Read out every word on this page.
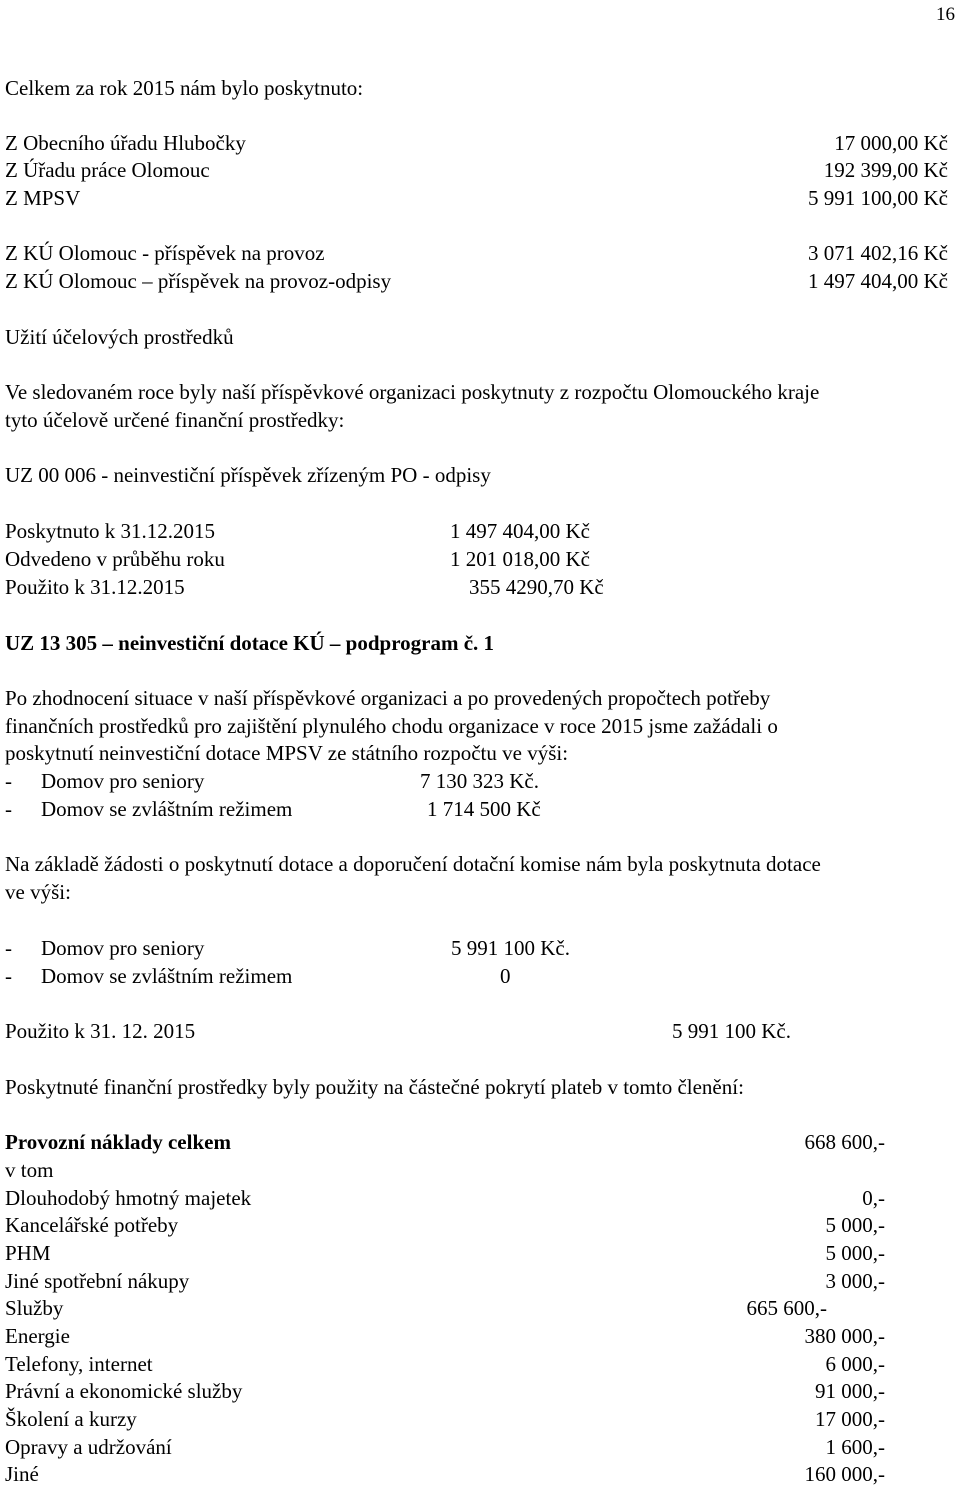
16
Celkem za rok 2015 nám bylo poskytnuto:
Z Obecního úřadu Hlubočky	17 000,00 Kč
Z Úřadu práce Olomouc	192 399,00 Kč
Z MPSV	5 991 100,00 Kč
Z KÚ Olomouc - příspěvek na provoz	3 071 402,16 Kč
Z KÚ Olomouc – příspěvek na provoz-odpisy	1 497 404,00 Kč
Užití účelových prostředků
Ve sledovaném roce byly naší příspěvkové organizaci poskytnuty z rozpočtu Olomouckého kraje
tyto účelově určené finanční prostředky:
UZ 00 006 - neinvestiční příspěvek zřízeným PO - odpisy
Poskytnuto k 31.12.2015	1 497 404,00 Kč
Odvedeno v průběhu roku	1 201 018,00 Kč
Použito k 31.12.2015	355 4290,70 Kč
UZ 13 305 – neinvestiční dotace KÚ – podprogram č. 1
Po zhodnocení situace v naší příspěvkové organizaci a po provedených propočtech potřeby
finančních prostředků pro zajištění plynulého chodu organizace v roce 2015 jsme zažádali o
poskytnutí neinvestiční dotace MPSV ze státního rozpočtu ve výši:
- Domov pro seniory	7 130 323 Kč.
- Domov se zvláštním režimem	1 714 500 Kč
Na základě žádosti o poskytnutí dotace a doporučení dotační komise nám byla poskytnuta dotace
ve výši:
- Domov pro seniory	5 991 100 Kč.
- Domov se zvláštním režimem	0
Použito k 31. 12. 2015	5 991 100 Kč.
Poskytnuté finanční prostředky byly použity na částečné pokrytí plateb v tomto členění:
Provozní náklady celkem	668 600,-
v tom
Dlouhodobý hmotný majetek	0,-
Kancelářské potřeby	5 000,-
PHM	5 000,-
Jiné spotřební nákupy	3 000,-
Služby	665 600,-
Energie	380 000,-
Telefony, internet	6 000,-
Právní a ekonomické služby	91 000,-
Školení a kurzy	17 000,-
Opravy a udržování	1 600,-
Jiné	160 000,-
